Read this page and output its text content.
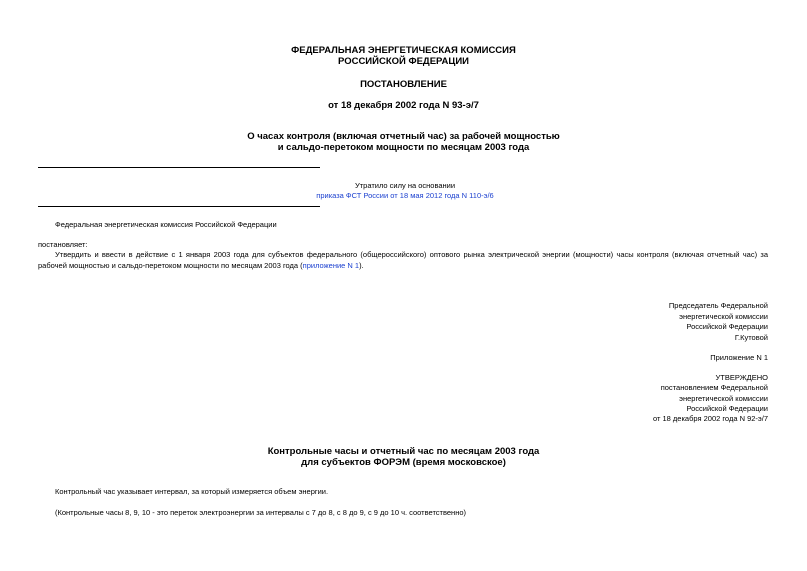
ФЕДЕРАЛЬНАЯ ЭНЕРГЕТИЧЕСКАЯ КОМИССИЯ
РОССИЙСКОЙ ФЕДЕРАЦИИ
ПОСТАНОВЛЕНИЕ
от 18 декабря 2002 года N 93-э/7
О часах контроля (включая отчетный час) за рабочей мощностью
и сальдо-перетоком мощности по месяцам 2003 года
Утратило силу на основании
приказа ФСТ России от 18 мая 2012 года N 110-э/6
Федеральная энергетическая комиссия Российской Федерации
постановляет:
Утвердить и ввести в действие с 1 января 2003 года для субъектов федерального (общероссийского) оптового рынка электрической энергии (мощности) часы контроля (включая отчетный час) за рабочей мощностью и сальдо-перетоком мощности по месяцам 2003 года (приложение N 1).
Председатель Федеральной
энергетической комиссии
Российской Федерации
Г.Кутовой
Приложение N 1
УТВЕРЖДЕНО
постановлением Федеральной
энергетической комиссии
Российской Федерации
от 18 декабря 2002 года N 92-э/7
Контрольные часы и отчетный час по месяцам 2003 года
для субъектов ФОРЭМ (время московское)
Контрольный час указывает интервал, за который измеряется объем энергии.
(Контрольные часы 8, 9, 10 - это переток электроэнергии за интервалы с 7 до 8, с 8 до 9, с 9 до 10 ч. соответственно)
